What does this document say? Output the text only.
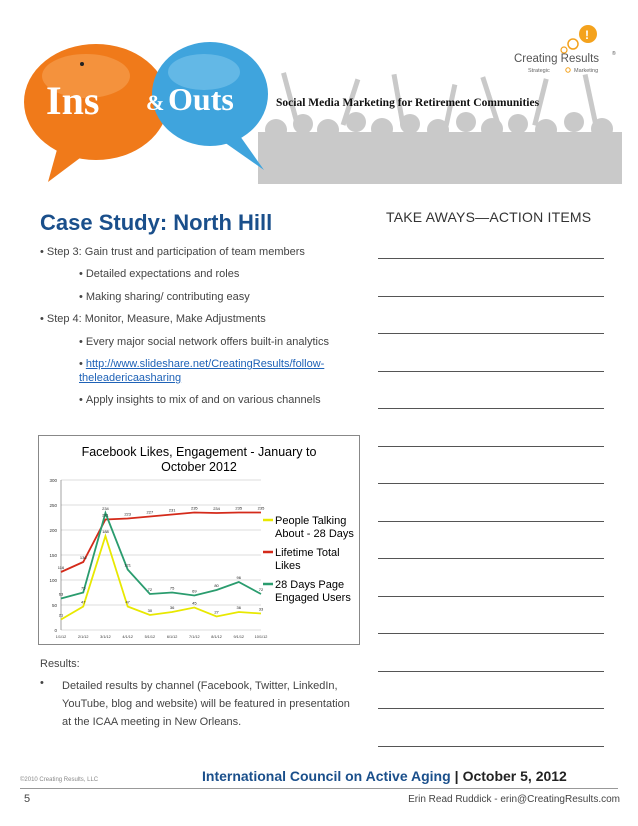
Ins & Outs	Social Media Marketing for Retirement Communities
!
Creating Results	®
Strategic	Marketing
Case Study: North Hill
• Step 3: Gain trust and participation of team members
• Detailed expectations and roles
• Making sharing/ contributing easy
• Step 4: Monitor, Measure, Make Adjustments
• Every major social network offers built-in analytics
• http://www.slideshare.net/CreatingResults/follow-
theleadericaasharing
• Apply insights to mix of and on various channels
TAKE AWAYS—ACTION ITEMS
Facebook Likes, Engagement - January to
October 2012
0
50
100
150
200
250
300
1/1/12	2/1/12	3/1/12	4/1/12	5/1/12	6/1/12	7/1/12	8/1/12	9/1/12	10/1/12
21
47
188
47
30
36
45
27
36	33
116
136
221	223	227	231	235	234	235	235
63
75
234
121
72	75
69
80
96
72
People Talking
About - 28 Days
Lifetime Total
Likes
28 Days Page
Engaged Users
Results:
• Detailed results by channel (Facebook, Twitter, LinkedIn, YouTube, blog and website) will be featured in presentation at the ICAA meeting in New Orleans.
©2010 Creating Results, LLC	International Council on Active Aging | October 5, 2012
5	Erin Read Ruddick - erin@CreatingResults.com
